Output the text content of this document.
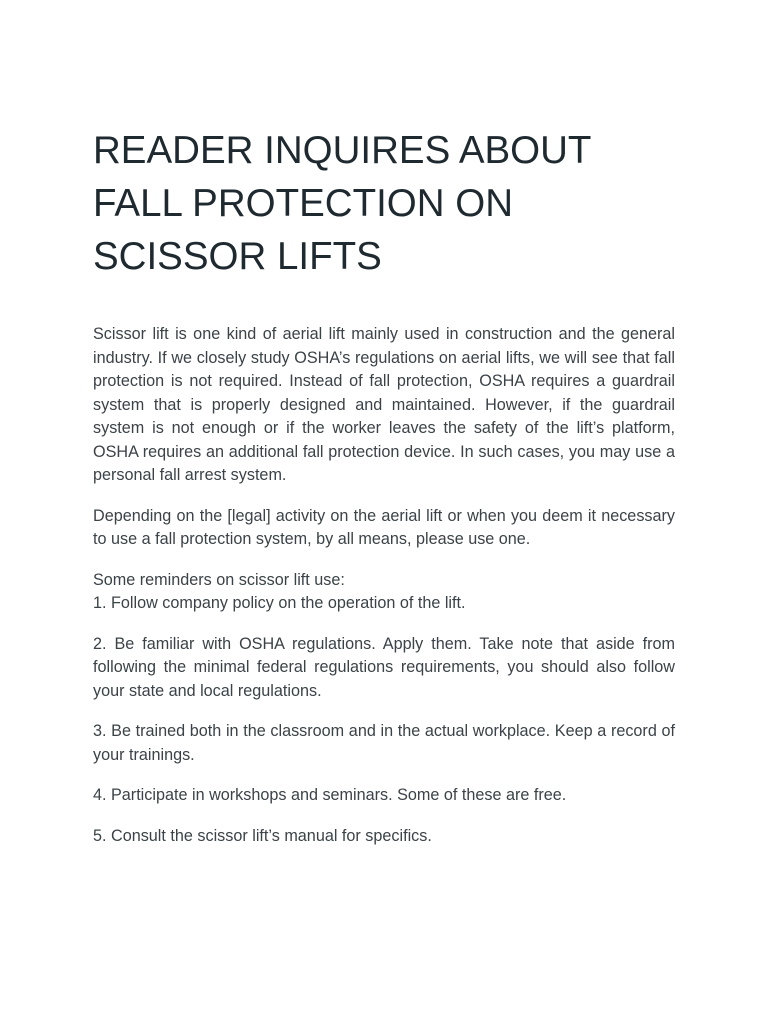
READER INQUIRES ABOUT FALL PROTECTION ON SCISSOR LIFTS

Scissor lift is one kind of aerial lift mainly used in construction and the general industry. If we closely study OSHA’s regulations on aerial lifts, we will see that fall protection is not required. Instead of fall protection, OSHA requires a guardrail system that is properly designed and maintained. However, if the guardrail system is not enough or if the worker leaves the safety of the lift’s platform, OSHA requires an additional fall protection device. In such cases, you may use a personal fall arrest system.

Depending on the [legal] activity on the aerial lift or when you deem it necessary to use a fall protection system, by all means, please use one.

Some reminders on scissor lift use:
1. Follow company policy on the operation of the lift.

2. Be familiar with OSHA regulations. Apply them. Take note that aside from following the minimal federal regulations requirements, you should also follow your state and local regulations.

3. Be trained both in the classroom and in the actual workplace. Keep a record of your trainings.

4. Participate in workshops and seminars. Some of these are free.

5. Consult the scissor lift’s manual for specifics.
